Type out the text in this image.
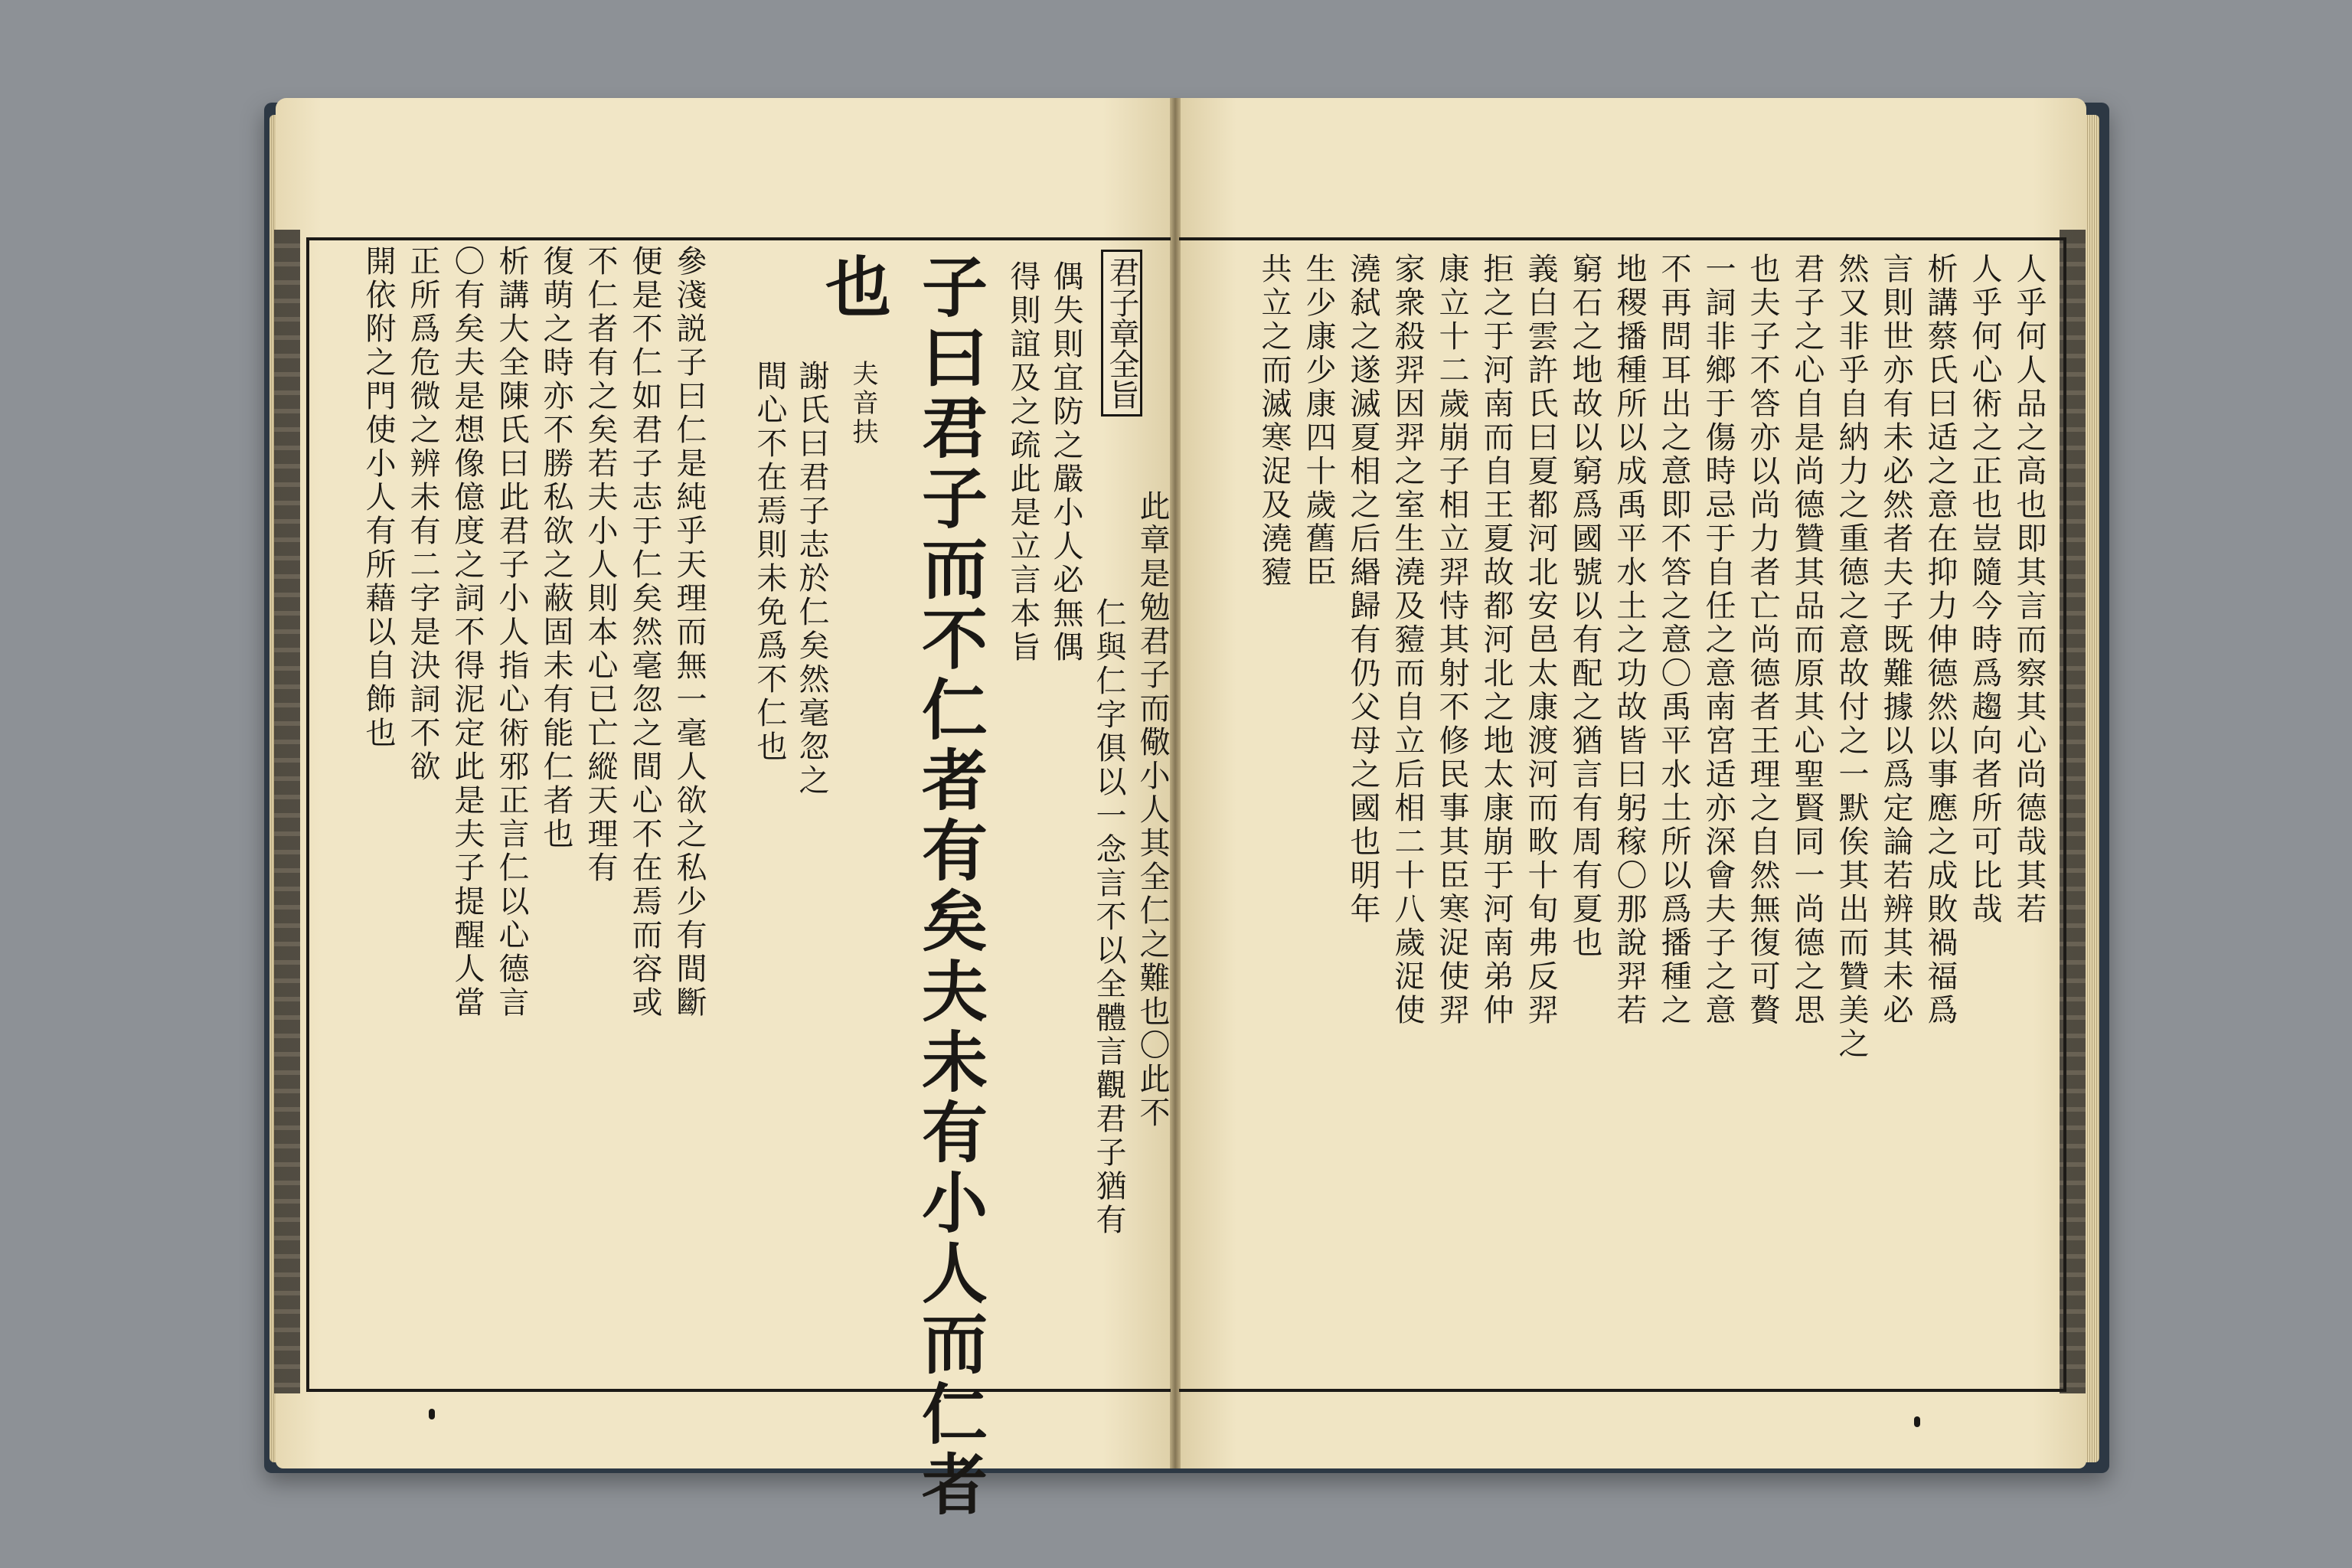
君子章全旨
此章是勉君子而儆小人其全仁之難也〇此不
仁與仁字俱以一念言不以全體言觀君子猶有
偶失則宜防之嚴小人必無偶
得則誼及之疏此是立言本旨
子曰君子而不仁者有矣夫未有小人而仁者
也
夫音扶
謝氏曰君子志於仁矣然毫忽之
間心不在焉則未免爲不仁也
參淺説子曰仁是純乎天理而無一毫人欲之私少有間斷
便是不仁如君子志于仁矣然毫忽之間心不在焉而容或
不仁者有之矣若夫小人則本心已亡縱天理有
復萌之時亦不勝私欲之蔽固未有能仁者也
析講大全陳氏曰此君子小人指心術邪正言仁以心德言
〇有矣夫是想像億度之詞不得泥定此是夫子提醒人當
正所爲危微之辨未有二字是決詞不欲
開依附之門使小人有所藉以自飾也	人乎何人品之高也即其言而察其心尚德哉其若
人乎何心術之正也豈隨今時爲趨向者所可比哉
析講蔡氏曰适之意在抑力伸德然以事應之成敗禍福爲
言則世亦有未必然者夫子既難據以爲定論若辨其未必
然又非乎自納力之重德之意故付之一默俟其出而贊美之
君子之心自是尚德贊其品而原其心聖賢同一尚德之思
也夫子不答亦以尚力者亡尚德者王理之自然無復可贅
一詞非鄉于傷時忌于自任之意南宮适亦深會夫子之意
不再問耳出之意即不答之意〇禹平水土所以爲播種之
地稷播種所以成禹平水土之功故皆曰躬稼〇那說羿若
窮石之地故以窮爲國號以有配之猶言有周有夏也
義白雲許氏曰夏都河北安邑太康渡河而畋十旬弗反羿
拒之于河南而自王夏故都河北之地太康崩于河南弟仲
康立十二歲崩子相立羿恃其射不修民事其臣寒浞使羿
家衆殺羿因羿之室生澆及豷而自立后相二十八歲浞使
澆弑之遂滅夏相之后緡歸有仍父母之國也明年
生少康少康四十歲舊臣
共立之而滅寒浞及澆豷
